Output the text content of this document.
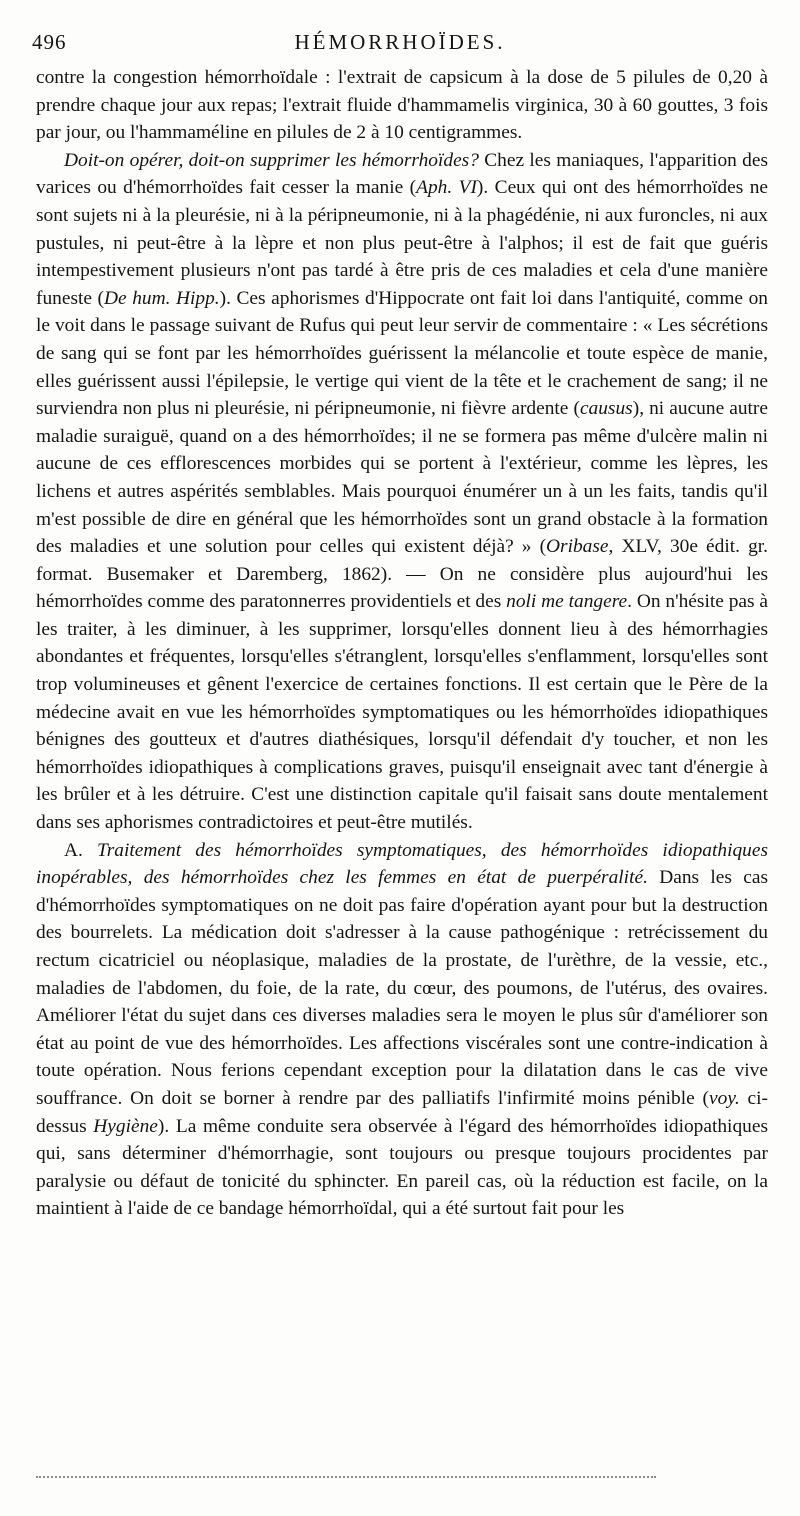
496	HÉMORRHOÏDES.

contre la congestion hémorrhoïdale : l'extrait de capsicum à la dose de 5 pilules de 0,20 à prendre chaque jour aux repas; l'extrait fluide d'hammamelis virginica, 30 à 60 gouttes, 3 fois par jour, ou l'hammaméline en pilules de 2 à 10 centigrammes.

Doit-on opérer, doit-on supprimer les hémorrhoïdes? Chez les maniaques, l'apparition des varices ou d'hémorrhoïdes fait cesser la manie (Aph. VI). Ceux qui ont des hémorrhoïdes ne sont sujets ni à la pleurésie, ni à la péripneumonie, ni à la phagédénie, ni aux furoncles, ni aux pustules, ni peut-être à la lèpre et non plus peut-être à l'alphos; il est de fait que guéris intempestivement plusieurs n'ont pas tardé à être pris de ces maladies et cela d'une manière funeste (De hum. Hipp.). Ces aphorismes d'Hippocrate ont fait loi dans l'antiquité, comme on le voit dans le passage suivant de Rufus qui peut leur servir de commentaire : « Les sécrétions de sang qui se font par les hémorrhoïdes guérissent la mélancolie et toute espèce de manie, elles guérissent aussi l'épilepsie, le vertige qui vient de la tête et le crachement de sang; il ne surviendra non plus ni pleurésie, ni péripneumonie, ni fièvre ardente (causus), ni aucune autre maladie suraiguë, quand on a des hémorrhoïdes; il ne se formera pas même d'ulcère malin ni aucune de ces efflorescences morbides qui se portent à l'extérieur, comme les lèpres, les lichens et autres aspérités semblables. Mais pourquoi énumérer un à un les faits, tandis qu'il m'est possible de dire en général que les hémorrhoïdes sont un grand obstacle à la formation des maladies et une solution pour celles qui existent déjà? » (Oribase, XLV, 30e édit. gr. format. Busemaker et Daremberg, 1862). — On ne considère plus aujourd'hui les hémorrhoïdes comme des paratonnerres providentiels et des noli me tangere. On n'hésite pas à les traiter, à les diminuer, à les supprimer, lorsqu'elles donnent lieu à des hémorrhagies abondantes et fréquentes, lorsqu'elles s'étranglent, lorsqu'elles s'enflamment, lorsqu'elles sont trop volumineuses et gênent l'exercice de certaines fonctions. Il est certain que le Père de la médecine avait en vue les hémorrhoïdes symptomatiques ou les hémorrhoïdes idiopathiques bénignes des goutteux et d'autres diathésiques, lorsqu'il défendait d'y toucher, et non les hémorrhoïdes idiopathiques à complications graves, puisqu'il enseignait avec tant d'énergie à les brûler et à les détruire. C'est une distinction capitale qu'il faisait sans doute mentalement dans ses aphorismes contradictoires et peut-être mutilés.

A. Traitement des hémorrhoïdes symptomatiques, des hémorrhoïdes idiopathiques inopérables, des hémorrhoïdes chez les femmes en état de puerpéralité. Dans les cas d'hémorrhoïdes symptomatiques on ne doit pas faire d'opération ayant pour but la destruction des bourrelets. La médication doit s'adresser à la cause pathogénique : retrécissement du rectum cicatriciel ou néoplasique, maladies de la prostate, de l'urèthre, de la vessie, etc., maladies de l'abdomen, du foie, de la rate, du cœur, des poumons, de l'utérus, des ovaires. Améliorer l'état du sujet dans ces diverses maladies sera le moyen le plus sûr d'améliorer son état au point de vue des hémorrhoïdes. Les affections viscérales sont une contre-indication à toute opération. Nous ferions cependant exception pour la dilatation dans le cas de vive souffrance. On doit se borner à rendre par des palliatifs l'infirmité moins pénible (voy. ci-dessus Hygiène). La même conduite sera observée à l'égard des hémorrhoïdes idiopathiques qui, sans déterminer d'hémorrhagie, sont toujours ou presque toujours procidentes par paralysie ou défaut de tonicité du sphincter. En pareil cas, où la réduction est facile, on la maintient à l'aide de ce bandage hémorrhoïdal, qui a été surtout fait pour les
